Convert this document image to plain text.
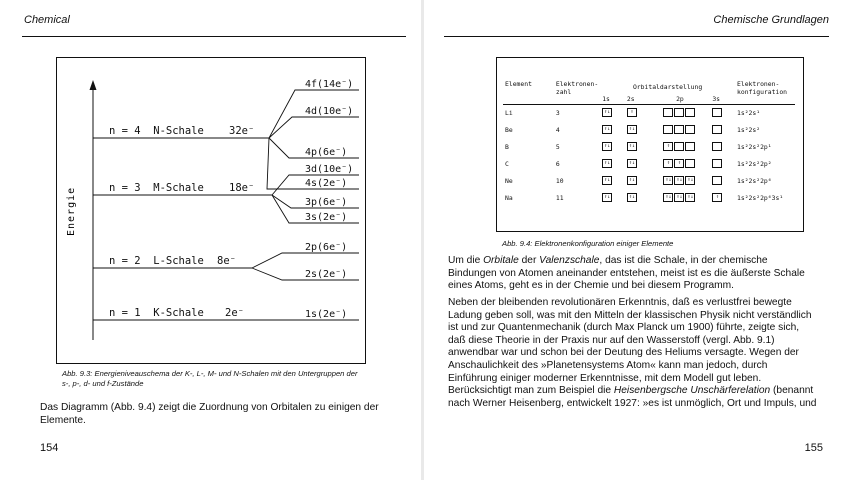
Chemical
Energie
n = 1  K-Schale 2e⁻
n = 2  L-Schale 8e⁻
n = 3  M-Schale 18e⁻
n = 4  N-Schale 32e⁻
4f(14e⁻)
4d(10e⁻)
4p(6e⁻)
3d(10e⁻)
4s(2e⁻)
3p(6e⁻)
3s(2e⁻)
2p(6e⁻)
2s(2e⁻)
1s(2e⁻)
Abb. 9.3: Energieniveauschema der K-, L-, M- und N-Schalen mit den Untergruppen der s-, p-, d- und f-Zustände
Das Diagramm (Abb. 9.4) zeigt die Zuordnung von Orbitalen zu einigen der Elemente.
154
Chemische Grundlagen
Element	Elektronen-zahl	Orbitaldarstellung				Elektronen-konfiguration
		1s	2s	2p	3s	
Li	3	↑↓	↑			1s²2s¹
Be	4	↑↓	↑↓			1s²2s²
B	5	↑↓	↑↓	↑		1s²2s²2p¹
C	6	↑↓	↑↓	↑ ↑		1s²2s²2p²
Ne	10	↑↓	↑↓	↑↓ ↑↓ ↑↓		1s²2s²2p⁶
Na	11	↑↓	↑↓	↑↓ ↑↓ ↑↓	↑	1s²2s²2p⁶3s¹
Abb. 9.4: Elektronenkonfiguration einiger Elemente
Um die Orbitale der Valenzschale, das ist die Schale, in der chemische Bindungen von Atomen aneinander entstehen, meist ist es die äußerste Schale eines Atoms, geht es in der Chemie und bei diesem Programm.
Neben der bleibenden revolutionären Erkenntnis, daß es verlustfrei bewegte Ladung geben soll, was mit den Mitteln der klassischen Physik nicht verständlich ist und zur Quantenmechanik (durch Max Planck um 1900) führte, zeigte sich, daß diese Theorie in der Praxis nur auf den Wasserstoff (vergl. Abb. 9.1) anwendbar war und schon bei der Deutung des Heliums versagte. Wegen der Anschaulichkeit des »Planetensystems Atom« kann man jedoch, durch Einführung einiger moderner Erkenntnisse, mit dem Modell gut leben. Berücksichtigt man zum Beispiel die Heisenbergsche Unschärferelation (benannt nach Werner Heisenberg, entwickelt 1927: »es ist unmöglich, Ort und Impuls, und
155
